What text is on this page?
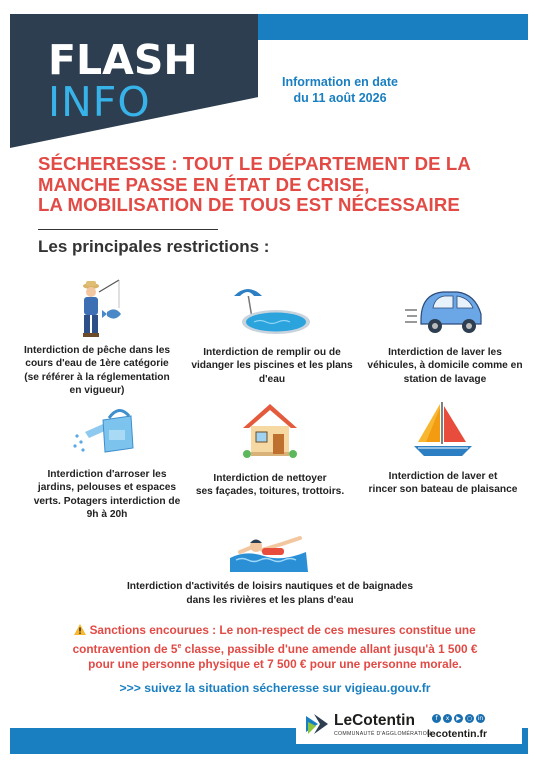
FLASH
INFO	Information en date
du 11 août 2026
SÉCHERESSE : TOUT LE DÉPARTEMENT DE LA
MANCHE PASSE EN ÉTAT DE CRISE,
LA MOBILISATION DE TOUS EST NÉCESSAIRE
Les principales restrictions :
Interdiction de pêche dans les
cours d'eau de 1ère catégorie
(se référer à la réglementation
en vigueur)
Interdiction de remplir ou de
vidanger les piscines et les plans
d'eau
Interdiction de laver les
véhicules, à domicile comme en
station de lavage
Interdiction d'arroser les
jardins, pelouses et espaces
verts. Potagers interdiction de
9h à 20h
Interdiction de nettoyer
ses façades, toitures, trottoirs.
Interdiction de laver et
rincer son bateau de plaisance
Interdiction d'activités de loisirs nautiques et de baignades
dans les rivières et les plans d'eau
Sanctions encourues : Le non-respect de ces mesures constitue une
contravention de 5e classe, passible d'une amende allant jusqu'à 1 500 €
pour une personne physique et 7 500 € pour une personne morale.
>>> suivez la situation sécheresse sur vigieau.gouv.fr
LeCotentin
COMMUNAUTÉ D'AGGLOMÉRATION
f	x	▶	○ in
lecotentin.fr
